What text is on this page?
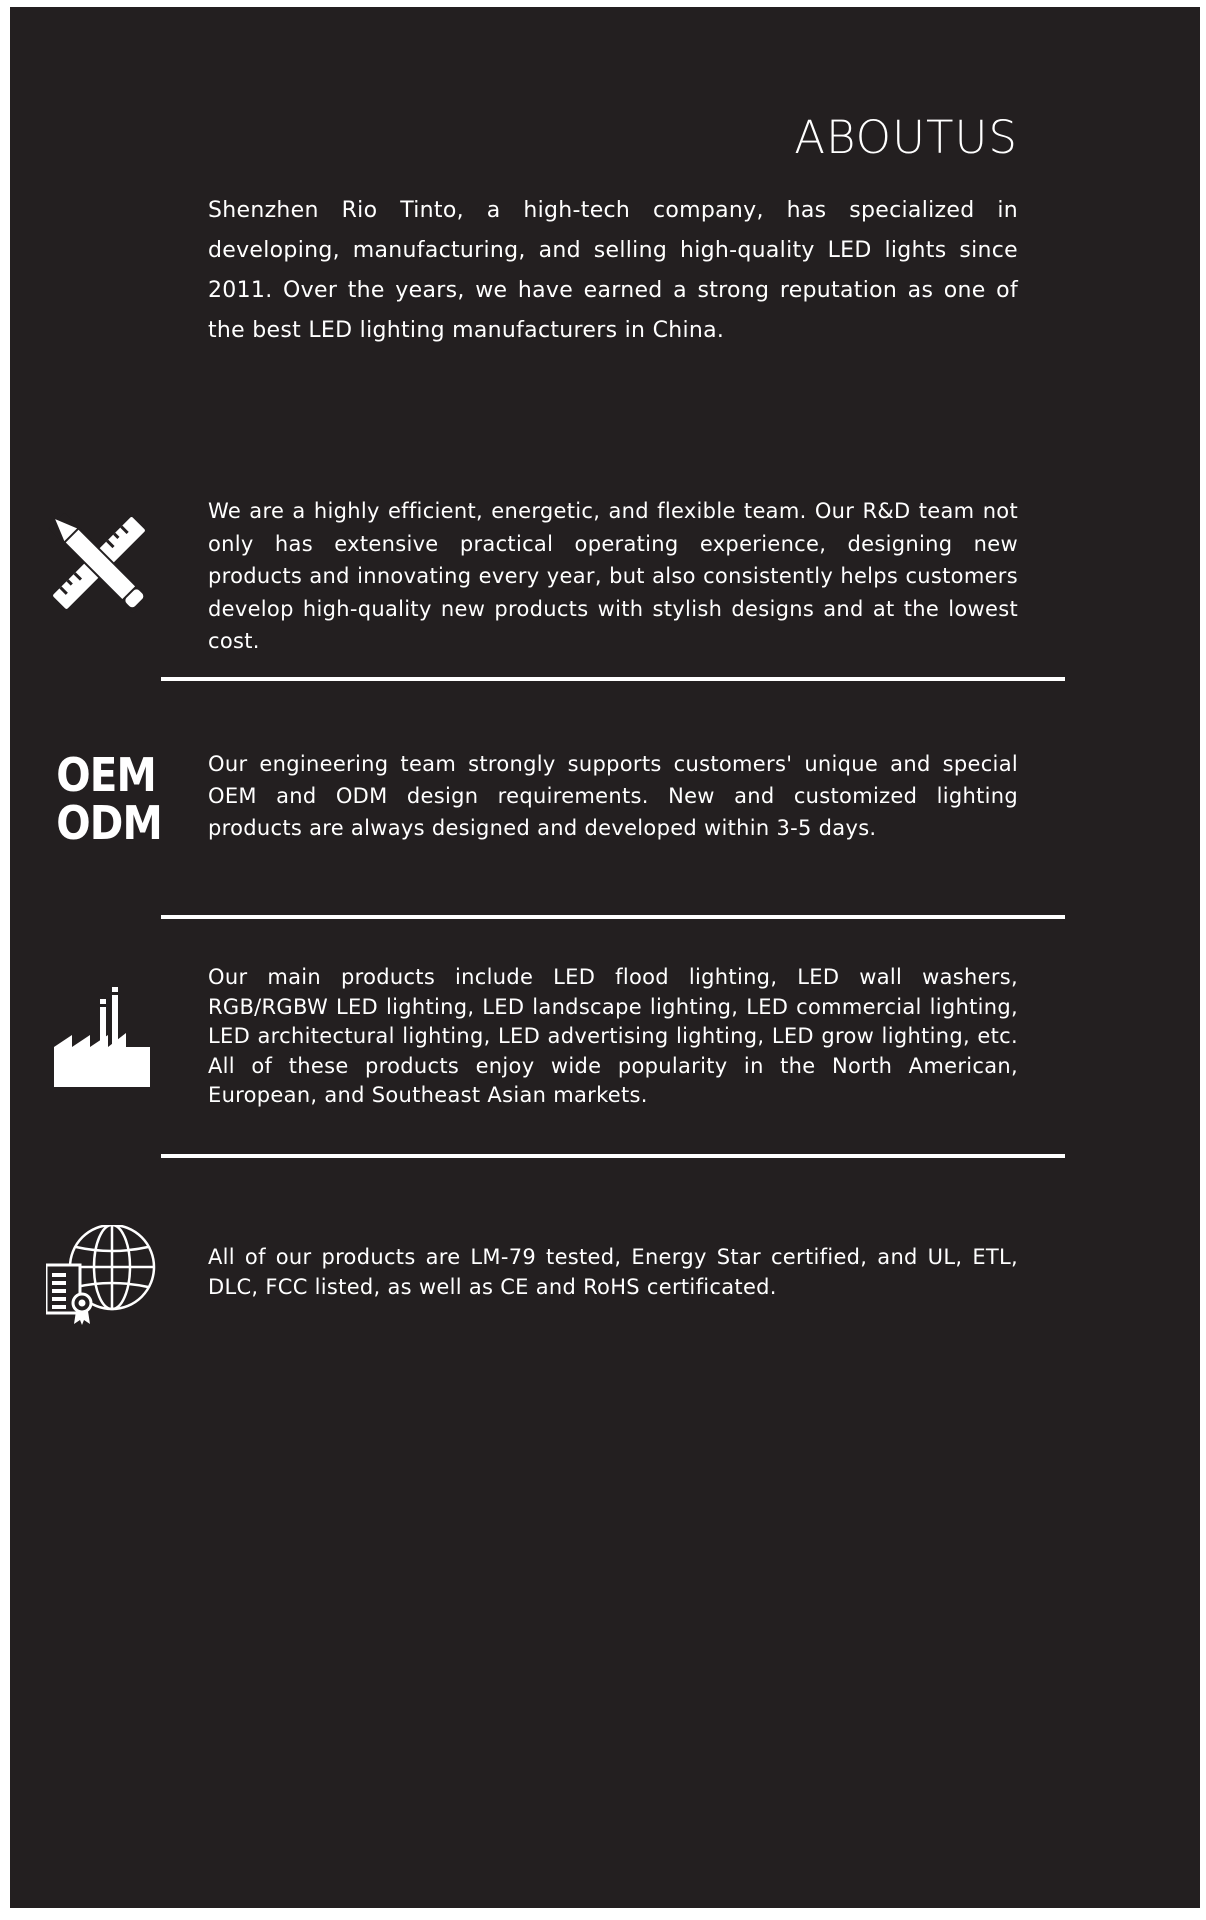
ABOUTUS
Shenzhen Rio Tinto, a high-tech company, has specialized in developing, manufacturing, and selling high-quality LED lights since 2011. Over the years, we have earned a strong reputation as one of the best LED lighting manufacturers in China.
We are a highly efficient, energetic, and flexible team. Our R&D team not only has extensive practical operating experience, designing new products and innovating every year, but also consistently helps customers develop high-quality new products with stylish designs and at the lowest cost.
OEM
ODM
Our engineering team strongly supports customers' unique and special OEM and ODM design requirements. New and customized lighting products are always designed and developed within 3-5 days.
Our main products include LED flood lighting, LED wall washers, RGB/RGBW LED lighting, LED landscape lighting, LED commercial lighting, LED architectural lighting, LED advertising lighting, LED grow lighting, etc. All of these products enjoy wide popularity in the North American, European, and Southeast Asian markets.
All of our products are LM-79 tested, Energy Star certified, and UL, ETL, DLC, FCC listed, as well as CE and RoHS certificated.
